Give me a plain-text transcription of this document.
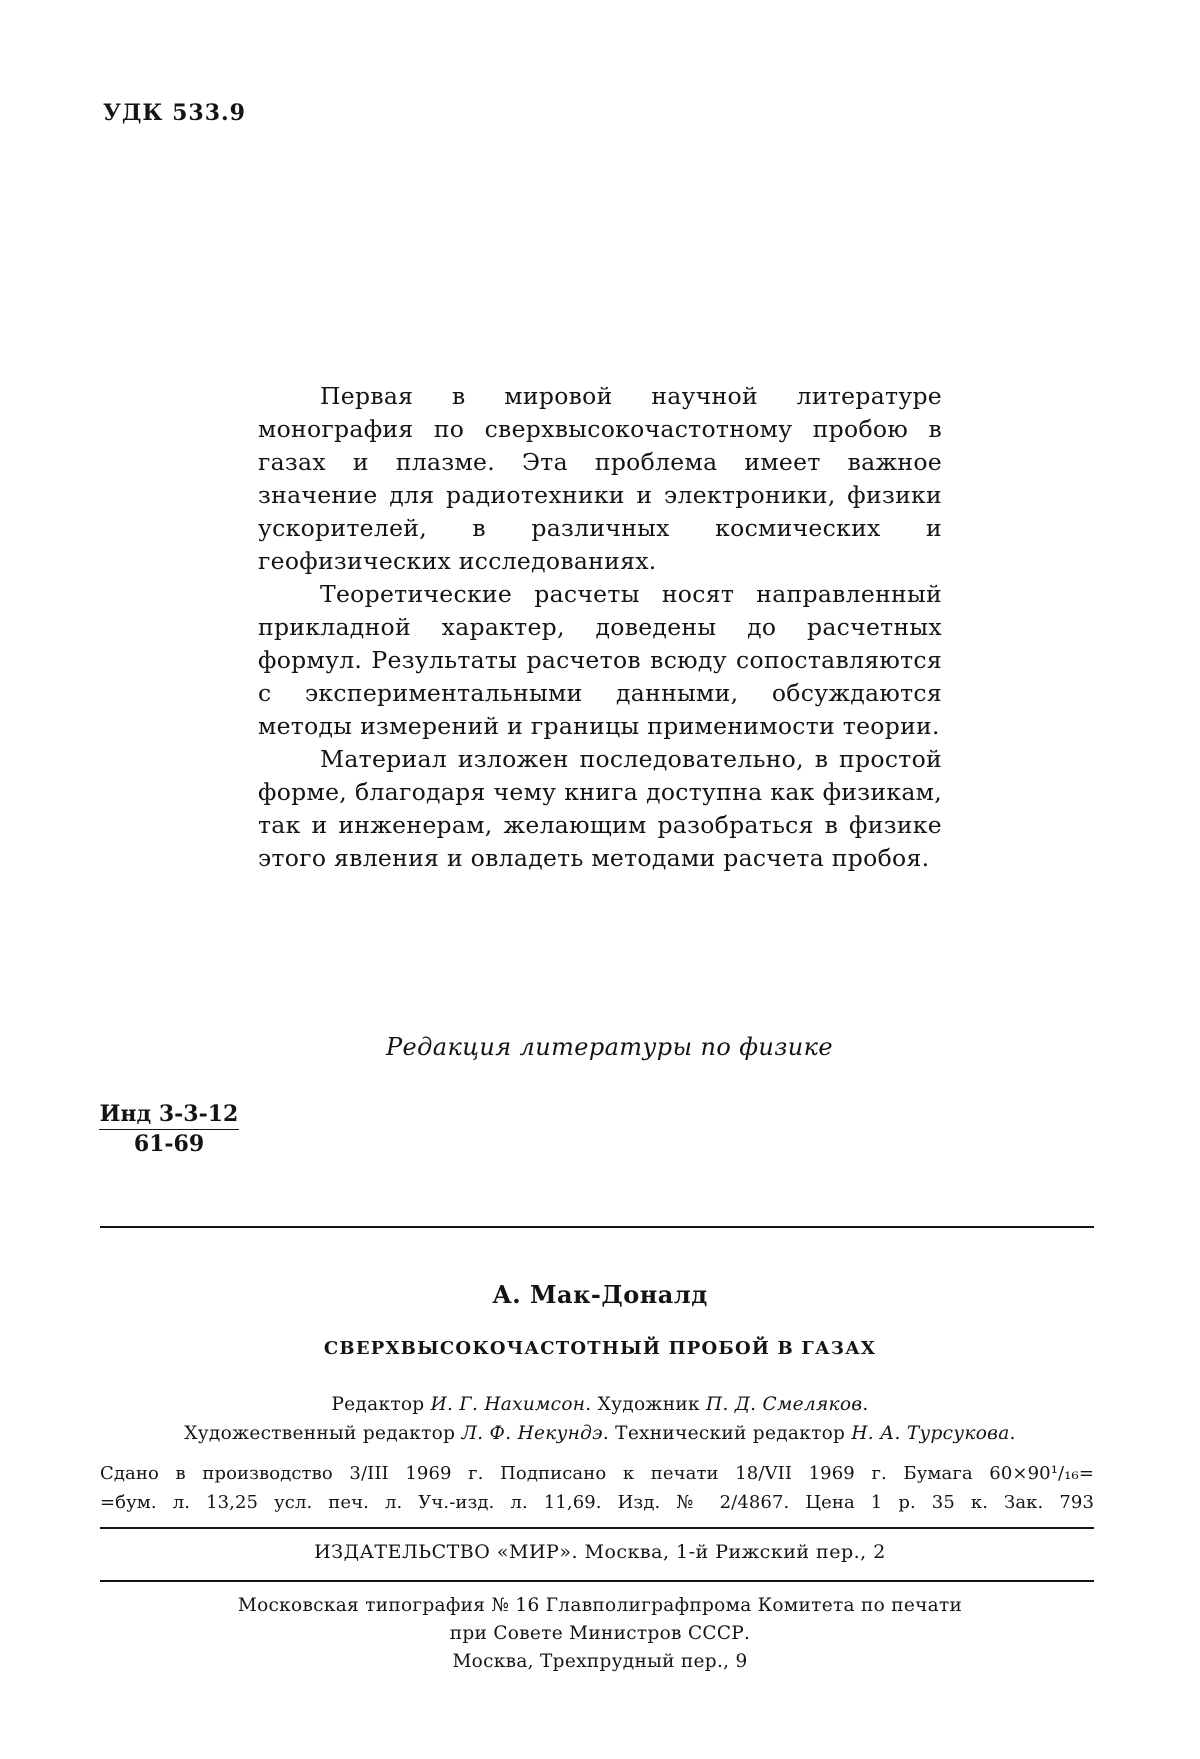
УДК 533.9

Первая в мировой научной литературе монография по сверхвысокочастотному пробою в газах и плазме. Эта проблема имеет важное значение для радиотехники и электроники, физики ускорителей, в различных космических и геофизических исследованиях.

Теоретические расчеты носят направленный прикладной характер, доведены до расчетных формул. Результаты расчетов всюду сопоставляются с экспериментальными данными, обсуждаются методы измерений и границы применимости теории.

Материал изложен последовательно, в простой форме, благодаря чему книга доступна как физикам, так и инженерам, желающим разобраться в физике этого явления и овладеть методами расчета пробоя.

Редакция литературы по физике
Инд 3-3-12
61-69
А. Мак-Доналд
СВЕРХВЫСОКОЧАСТОТНЫЙ ПРОБОЙ В ГАЗАХ
Редактор И. Г. Нахимсон. Художник П. Д. Смеляков.
Художественный редактор Л. Ф. Некундэ. Технический редактор Н. А. Турсукова.
Сдано в производство 3/III 1969 г. Подписано к печати 18/VII 1969 г. Бумага 60×90¹/₁₆=
=бум. л. 13,25 усл. печ. л. Уч.-изд. л. 11,69. Изд. № 2/4867. Цена 1 р. 35 к. Зак. 793
ИЗДАТЕЛЬСТВО «МИР». Москва, 1-й Рижский пер., 2
Московская типография № 16 Главполиграфпрома Комитета по печати
при Совете Министров СССР.
Москва, Трехпрудный пер., 9
